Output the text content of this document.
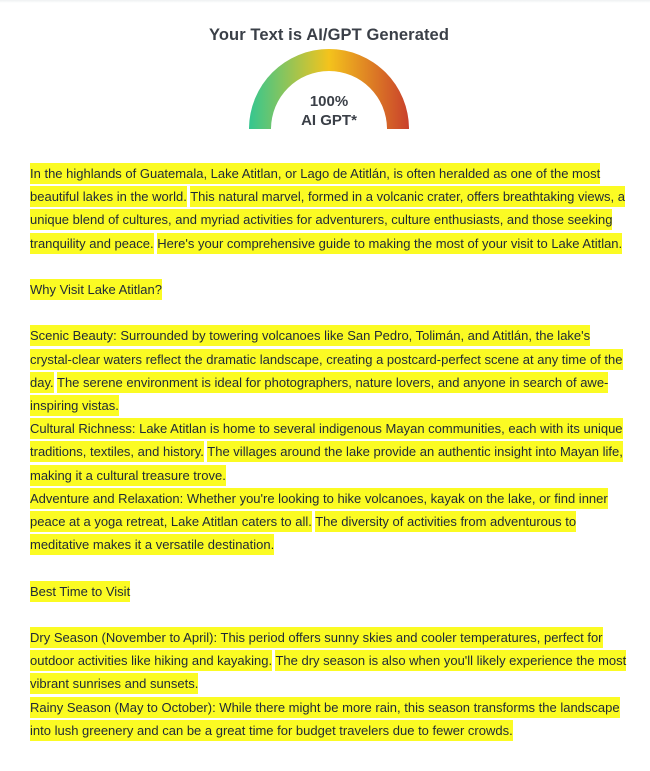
Your Text is AI/GPT Generated
100%
AI GPT*

In the highlands of Guatemala, Lake Atitlan, or Lago de Atitlán, is often heralded as one of the most beautiful lakes in the world. This natural marvel, formed in a volcanic crater, offers breathtaking views, a unique blend of cultures, and myriad activities for adventurers, culture enthusiasts, and those seeking tranquility and peace. Here's your comprehensive guide to making the most of your visit to Lake Atitlan.

Why Visit Lake Atitlan?

Scenic Beauty: Surrounded by towering volcanoes like San Pedro, Tolimán, and Atitlán, the lake's crystal-clear waters reflect the dramatic landscape, creating a postcard-perfect scene at any time of the day. The serene environment is ideal for photographers, nature lovers, and anyone in search of awe-inspiring vistas.

Cultural Richness: Lake Atitlan is home to several indigenous Mayan communities, each with its unique traditions, textiles, and history. The villages around the lake provide an authentic insight into Mayan life, making it a cultural treasure trove.

Adventure and Relaxation: Whether you're looking to hike volcanoes, kayak on the lake, or find inner peace at a yoga retreat, Lake Atitlan caters to all. The diversity of activities from adventurous to meditative makes it a versatile destination.

Best Time to Visit

Dry Season (November to April): This period offers sunny skies and cooler temperatures, perfect for outdoor activities like hiking and kayaking. The dry season is also when you'll likely experience the most vibrant sunrises and sunsets.

Rainy Season (May to October): While there might be more rain, this season transforms the landscape into lush greenery and can be a great time for budget travelers due to fewer crowds.
